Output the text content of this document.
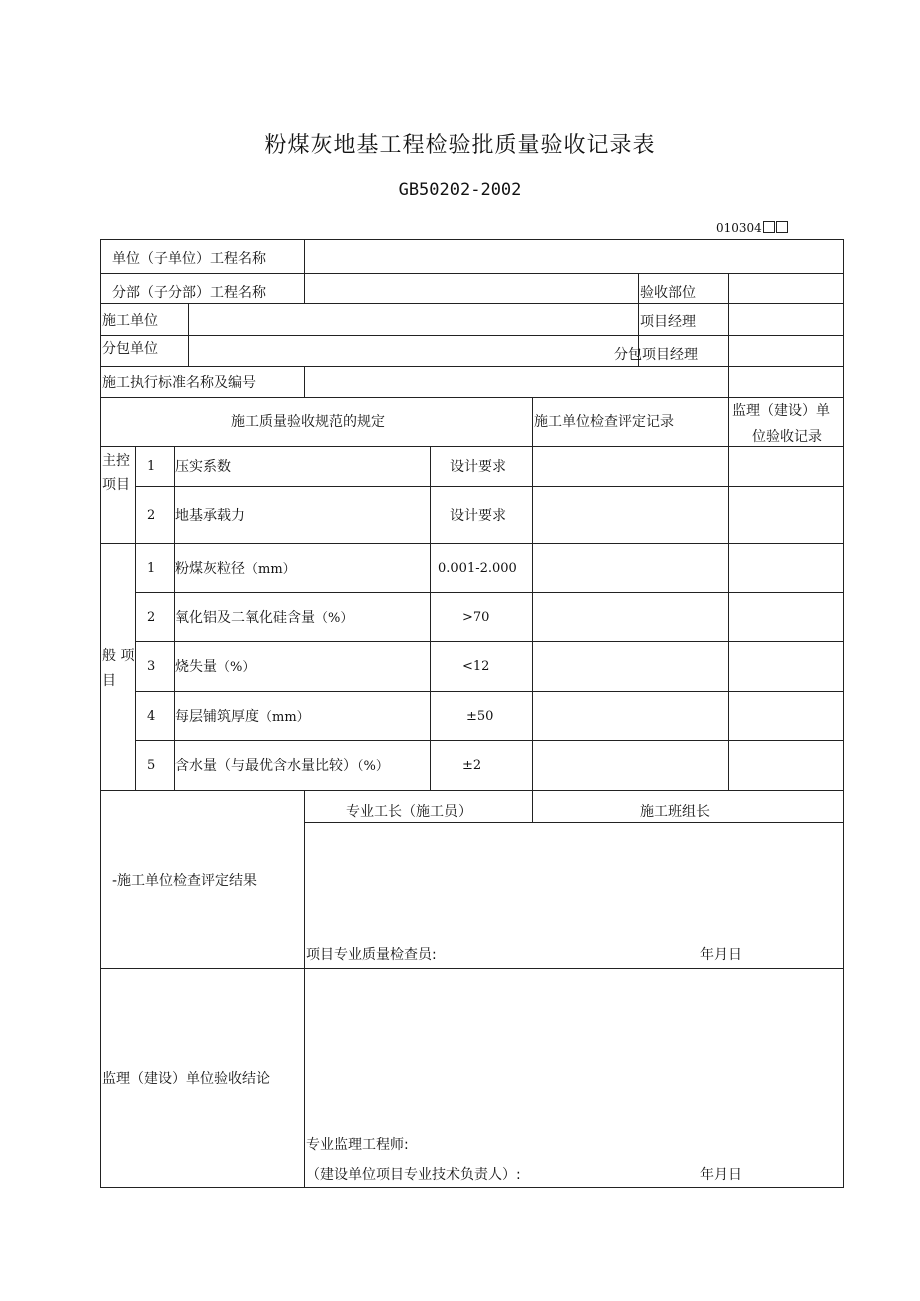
粉煤灰地基工程检验批质量验收记录表
GB50202-2002
010304
单位（子单位）工程名称
分部（子分部）工程名称	验收部位
施工单位	项目经理
分包单位	分包项目经理
施工执行标准名称及编号
施工质量验收规范的规定	施工单位检查评定记录
监理（建设）单
位验收记录
主控
项目
1 压实系数	设计要求
2 地基承载力	设计要求
般 项
目
1 粉煤灰粒径（mm）	0.001-2.000
2 氧化铝及二氧化硅含量（%）	>70
3 烧失量（%）	<12
4 每层铺筑厚度（mm）	±50
5 含水量（与最优含水量比较）（%）	±2
专业工长（施工员）	施工班组长
-施工单位检查评定结果
项目专业质量检查员:	年月日
监理（建设）单位验收结论
专业监理工程师:
（建设单位项目专业技术负责人）:	年月日
